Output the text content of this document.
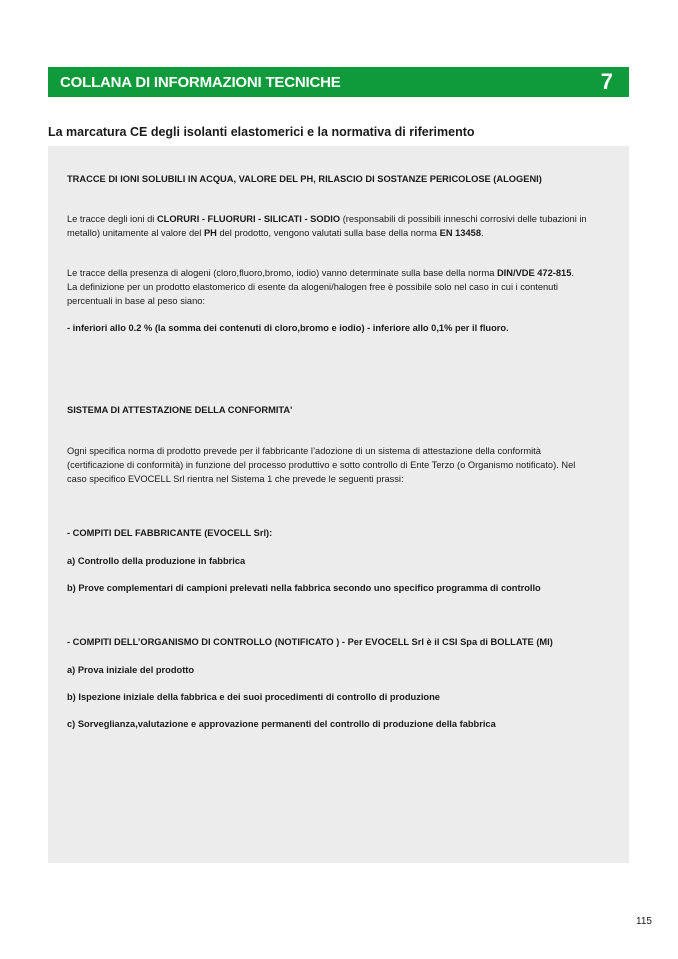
COLLANA DI INFORMAZIONI TECNICHE	7
La marcatura CE degli isolanti elastomerici e la normativa di riferimento
TRACCE DI IONI SOLUBILI IN ACQUA, VALORE DEL PH, RILASCIO DI SOSTANZE PERICOLOSE (ALOGENI)
Le tracce degli ioni di CLORURI - FLUORURI - SILICATI - SODIO (responsabili di possibili inneschi corrosivi delle tubazioni in
metallo) unitamente al valore del PH del prodotto, vengono valutati sulla base della norma EN 13458.
Le tracce della presenza di alogeni (cloro,fluoro,bromo, iodio) vanno determinate sulla base della norma DIN/VDE 472-815.
La definizione per un prodotto elastomerico di esente da alogeni/halogen free è possibile solo nel caso in cui i contenuti
percentuali in base al peso siano:
- inferiori allo 0.2 % (la somma dei contenuti di cloro,bromo e iodio) - inferiore allo 0,1% per il fluoro.
SISTEMA DI ATTESTAZIONE DELLA CONFORMITA'
Ogni specifica norma di prodotto prevede per il fabbricante l’adozione di un sistema di attestazione della conformità
(certificazione di conformità) in funzione del processo produttivo e sotto controllo di Ente Terzo (o Organismo notificato). Nel
caso specifico EVOCELL Srl rientra nel Sistema 1 che prevede le seguenti prassi:
- COMPITI DEL FABBRICANTE (EVOCELL Srl):
a) Controllo della produzione in fabbrica
b) Prove complementari di campioni prelevati nella fabbrica secondo uno specifico programma di controllo
- COMPITI DELL’ORGANISMO DI CONTROLLO (NOTIFICATO ) - Per EVOCELL Srl è il CSI Spa di BOLLATE (MI)
a) Prova iniziale del prodotto
b) Ispezione iniziale della fabbrica e dei suoi procedimenti di controllo di produzione
c) Sorveglianza,valutazione e approvazione permanenti del controllo di produzione della fabbrica
115
